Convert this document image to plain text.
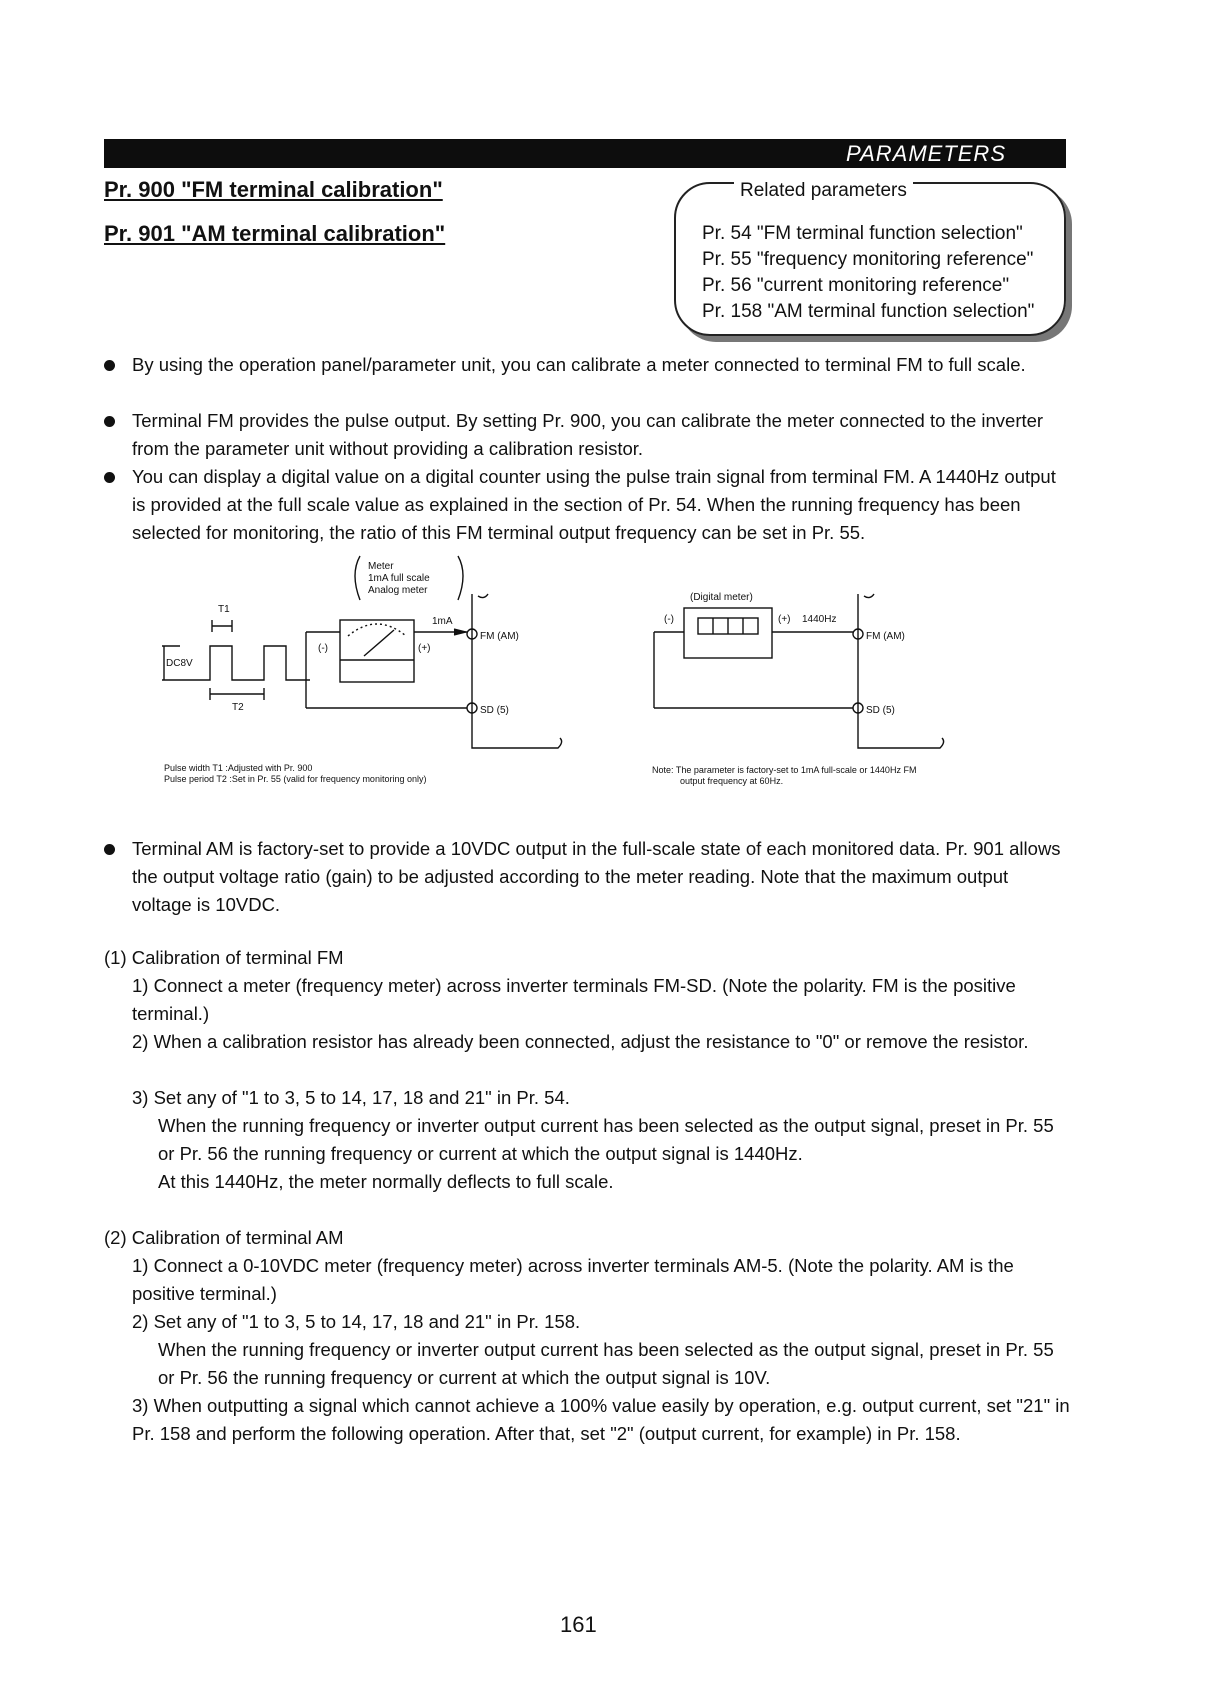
PARAMETERS
Pr. 900 "FM terminal calibration"
Pr. 901 "AM terminal calibration"
Related parameters
Pr. 54 "FM terminal function selection"
Pr. 55 "frequency monitoring reference"
Pr. 56 "current monitoring reference"
Pr. 158 "AM terminal function selection"
By using the operation panel/parameter unit, you can calibrate a meter connected to terminal FM to full scale.
Terminal FM provides the pulse output. By setting Pr. 900, you can calibrate the meter connected to the inverter from the parameter unit without providing a calibration resistor.
You can display a digital value on a digital counter using the pulse train signal from terminal FM. A 1440Hz output is provided at the full scale value as explained in the section of Pr. 54. When the running frequency has been selected for monitoring, the ratio of this FM terminal output frequency can be set in Pr. 55.
Meter
1mA full scale
Analog meter
T1
DC8V
T2
(-)	(+)
1mA
FM (AM)
SD (5)
(Digital meter)
(-)	(+) 1440Hz
FM (AM)
SD (5)
Pulse width T1 :Adjusted with Pr. 900
Pulse period T2 :Set in Pr. 55 (valid for frequency monitoring only)
Note: The parameter is factory-set to 1mA full-scale or 1440Hz FM
output frequency at 60Hz.
Terminal AM is factory-set to provide a 10VDC output in the full-scale state of each monitored data. Pr. 901 allows the output voltage ratio (gain) to be adjusted according to the meter reading. Note that the maximum output voltage is 10VDC.
(1) Calibration of terminal FM
1) Connect a meter (frequency meter) across inverter terminals FM-SD. (Note the polarity. FM is the positive terminal.)
2) When a calibration resistor has already been connected, adjust the resistance to "0" or remove the resistor.
3) Set any of "1 to 3, 5 to 14, 17, 18 and 21" in Pr. 54.
When the running frequency or inverter output current has been selected as the output signal, preset in Pr. 55 or Pr. 56 the running frequency or current at which the output signal is 1440Hz.
At this 1440Hz, the meter normally deflects to full scale.
(2) Calibration of terminal AM
1) Connect a 0-10VDC meter (frequency meter) across inverter terminals AM-5. (Note the polarity. AM is the positive terminal.)
2) Set any of "1 to 3, 5 to 14, 17, 18 and 21" in Pr. 158.
When the running frequency or inverter output current has been selected as the output signal, preset in Pr. 55 or Pr. 56 the running frequency or current at which the output signal is 10V.
3) When outputting a signal which cannot achieve a 100% value easily by operation, e.g. output current, set "21" in Pr. 158 and perform the following operation. After that, set "2" (output current, for example) in Pr. 158.
161
